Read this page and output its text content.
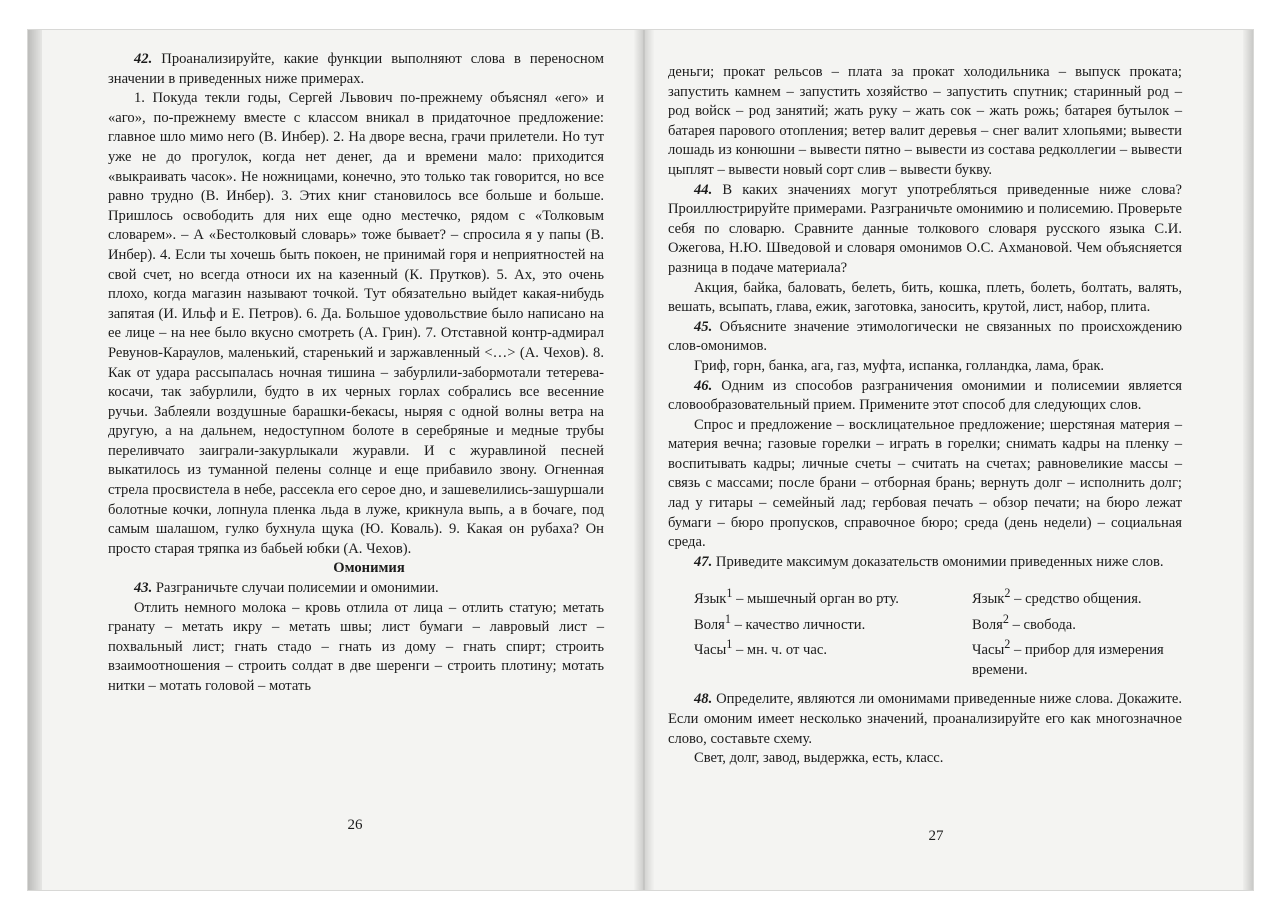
42. Проанализируйте, какие функции выполняют слова в переносном значении в приведенных ниже примерах.

1. Покуда текли годы, Сергей Львович по-прежнему объяснял «его» и «аго», по-прежнему вместе с классом вникал в придаточное предложение: главное шло мимо него (В. Инбер). 2. На дворе весна, грачи прилетели. Но тут уже не до прогулок, когда нет денег, да и времени мало: приходится «выкраивать часок». Не ножницами, конечно, это только так говорится, но все равно трудно (В. Инбер). 3. Этих книг становилось все больше и больше. Пришлось освободить для них еще одно местечко, рядом с «Толковым словарем». – А «Бестолковый словарь» тоже бывает? – спросила я у папы (В. Инбер). 4. Если ты хочешь быть покоен, не принимай горя и неприятностей на свой счет, но всегда относи их на казенный (К. Прутков). 5. Ах, это очень плохо, когда магазин называют точкой. Тут обязательно выйдет какая-нибудь запятая (И. Ильф и Е. Петров). 6. Да. Большое удовольствие было написано на ее лице – на нее было вкусно смотреть (А. Грин). 7. Отставной контр-адмирал Ревунов-Караулов, маленький, старенький и заржавленный <…> (А. Чехов). 8. Как от удара рассыпалась ночная тишина – забурлили-забормотали тетерева-косачи, так забурлили, будто в их черных горлах собрались все весенние ручьи. Заблеяли воздушные барашки-бекасы, ныряя с одной волны ветра на другую, а на дальнем, недоступном болоте в серебряные и медные трубы переливчато заиграли-закурлыкали журавли. И с журавлиной песней выкатилось из туманной пелены солнце и еще прибавило звону. Огненная стрела просвистела в небе, рассекла его серое дно, и зашевелились-зашуршали болотные кочки, лопнула пленка льда в луже, крикнула выпь, а в бочаге, под самым шалашом, гулко бухнула щука (Ю. Коваль). 9. Какая он рубаха? Он просто старая тряпка из бабьей юбки (А. Чехов).

Омонимия

43. Разграничьте случаи полисемии и омонимии.

Отлить немного молока – кровь отлила от лица – отлить статую; метать гранату – метать икру – метать швы; лист бумаги – лавровый лист – похвальный лист; гнать стадо – гнать из дому – гнать спирт; строить взаимоотношения – строить солдат в две шеренги – строить плотину; мотать нитки – мотать головой – мотать

26

деньги; прокат рельсов – плата за прокат холодильника – выпуск проката; запустить камнем – запустить хозяйство – запустить спутник; старинный род – род войск – род занятий; жать руку – жать сок – жать рожь; батарея бутылок – батарея парового отопления; ветер валит деревья – снег валит хлопьями; вывести лошадь из конюшни – вывести пятно – вывести из состава редколлегии – вывести цыплят – вывести новый сорт слив – вывести букву.

44. В каких значениях могут употребляться приведенные ниже слова? Проиллюстрируйте примерами. Разграничьте омонимию и полисемию. Проверьте себя по словарю. Сравните данные толкового словаря русского языка С.И. Ожегова, Н.Ю. Шведовой и словаря омонимов О.С. Ахмановой. Чем объясняется разница в подаче материала?

Акция, байка, баловать, белеть, бить, кошка, плеть, болеть, болтать, валять, вешать, всыпать, глава, ежик, заготовка, заносить, крутой, лист, набор, плита.

45. Объясните значение этимологически не связанных по происхождению слов-омонимов.

Гриф, горн, банка, ага, газ, муфта, испанка, голландка, лама, брак.

46. Одним из способов разграничения омонимии и полисемии является словообразовательный прием. Примените этот способ для следующих слов.

Спрос и предложение – восклицательное предложение; шерстяная материя – материя вечна; газовые горелки – играть в горелки; снимать кадры на пленку – воспитывать кадры; личные счеты – считать на счетах; равновеликие массы – связь с массами; после брани – отборная брань; вернуть долг – исполнить долг; лад у гитары – семейный лад; гербовая печать – обзор печати; на бюро лежат бумаги – бюро пропусков, справочное бюро; среда (день недели) – социальная среда.

47. Приведите максимум доказательств омонимии приведенных ниже слов.

Язык$^1$ – мышечный орган во рту.	Язык$^2$ – средство общения.
Воля$^1$ – качество личности.	Воля$^2$ – свобода.
Часы$^1$ – мн. ч. от час.	Часы$^2$ – прибор для измерения времени.

48. Определите, являются ли омонимами приведенные ниже слова. Докажите. Если омоним имеет несколько значений, проанализируйте его как многозначное слово, составьте схему.

Свет, долг, завод, выдержка, есть, класс.

27
